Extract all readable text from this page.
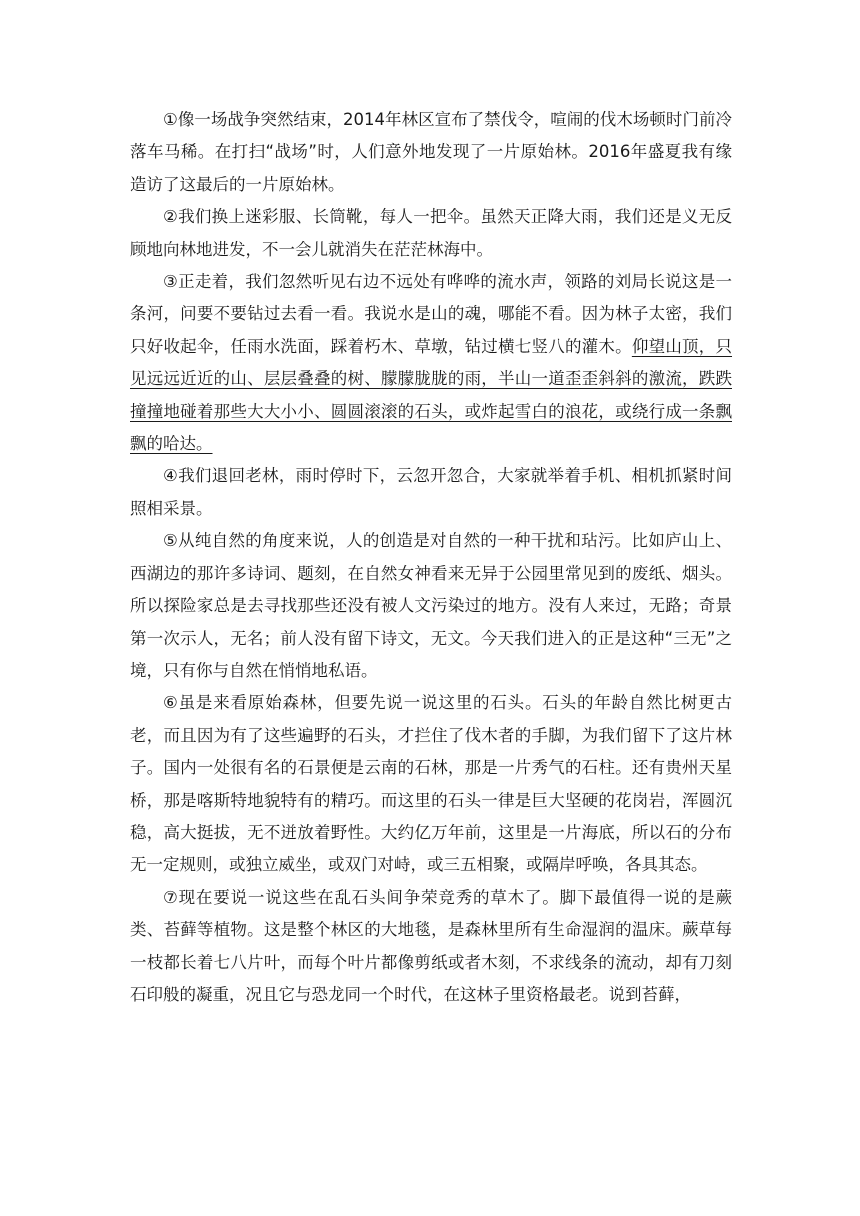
①像一场战争突然结束，2014年林区宣布了禁伐令，喧闹的伐木场顿时门前冷落车马稀。在打扫“战场”时，人们意外地发现了一片原始林。2016年盛夏我有缘造访了这最后的一片原始林。

②我们换上迷彩服、长筒靴，每人一把伞。虽然天正降大雨，我们还是义无反顾地向林地进发，不一会儿就消失在茫茫林海中。

③正走着，我们忽然听见右边不远处有哗哗的流水声，领路的刘局长说这是一条河，问要不要钻过去看一看。我说水是山的魂，哪能不看。因为林子太密，我们只好收起伞，任雨水洗面，踩着朽木、草墩，钻过横七竖八的灌木。仰望山顶，只见远远近近的山、层层叠叠的树、朦朦胧胧的雨，半山一道歪歪斜斜的激流，跌跌撞撞地碰着那些大大小小、圆圆滚滚的石头，或炸起雪白的浪花，或绕行成一条飘飘的哈达。

④我们退回老林，雨时停时下，云忽开忽合，大家就举着手机、相机抓紧时间照相采景。

⑤从纯自然的角度来说，人的创造是对自然的一种干扰和玷污。比如庐山上、西湖边的那许多诗词、题刻，在自然女神看来无异于公园里常见到的废纸、烟头。所以探险家总是去寻找那些还没有被人文污染过的地方。没有人来过，无路；奇景第一次示人，无名；前人没有留下诗文，无文。今天我们进入的正是这种“三无”之境，只有你与自然在悄悄地私语。

⑥虽是来看原始森林，但要先说一说这里的石头。石头的年龄自然比树更古老，而且因为有了这些遍野的石头，才拦住了伐木者的手脚，为我们留下了这片林子。国内一处很有名的石景便是云南的石林，那是一片秀气的石柱。还有贵州天星桥，那是喀斯特地貌特有的精巧。而这里的石头一律是巨大坚硬的花岗岩，浑圆沉稳，高大挺拔，无不迸放着野性。大约亿万年前，这里是一片海底，所以石的分布无一定规则，或独立威坐，或双门对峙，或三五相聚，或隔岸呼唤，各具其态。

⑦现在要说一说这些在乱石头间争荣竞秀的草木了。脚下最值得一说的是蕨类、苔藓等植物。这是整个林区的大地毯，是森林里所有生命湿润的温床。蕨草每一枝都长着七八片叶，而每个叶片都像剪纸或者木刻，不求线条的流动，却有刀刻石印般的凝重，况且它与恐龙同一个时代，在这林子里资格最老。说到苔藓，
